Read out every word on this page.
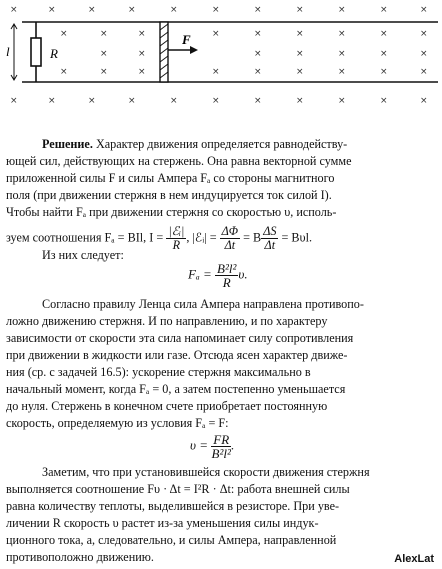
l	R
F
×	×	×	×	×	×	×	×	×	×	×
×	×	×	×	×	×	×	×	×
×	×	×	×	×	×	×
×	×	×	×	×	×	×	×	×
×	×	×	×	×	×	×	×	×	×	×
Решение. Характер движения определяется равнодейству-
ющей сил, действующих на стержень. Она равна векторной сумме
приложенной силы F и силы Ампера Fₐ со стороны магнитного
поля (при движении стержня в нем индуцируется ток силой I).
Чтобы найти Fₐ при движении стержня со скоростью υ, исполь-
зуем соотношения Fₐ = BIl, $I = \frac{\text{|ℰᵢ|}}{R}$ , |ℰᵢ| = $\frac{\Delta\Phi}{\Delta t} = B \frac{\Delta S}{\Delta t} = B\upsilon l$.
Из них следует:
$F_a = \frac{\text{B²l²}}{R} \upsilon$.
Согласно правилу Ленца сила Ампера направлена противопо-
ложно движению стержня. И по направлению, и по характеру
зависимости от скорости эта сила напоминает силу сопротивления
при движении в жидкости или газе. Отсюда ясен характер движе-
ния (ср. с задачей 16.5): ускорение стержня максимально в
начальный момент, когда Fₐ = 0, а затем постепенно уменьшается
до нуля. Стержень в конечном счете приобретает постоянную
скорость, определяемую из условия Fₐ = F:
$\upsilon = \frac{FR}{\text{B²l²}}$ .
Заметим, что при установившейся скорости движения стержня
выполняется соотношение Fυ · Δt = I²R · Δt: работа внешней силы
равна количеству теплоты, выделившейся в резисторе. При уве-
личении R скорость υ растет из-за уменьшения силы индук-
ционного тока, а, следовательно, и силы Ампера, направленной
противоположно движению.	AlexLat
